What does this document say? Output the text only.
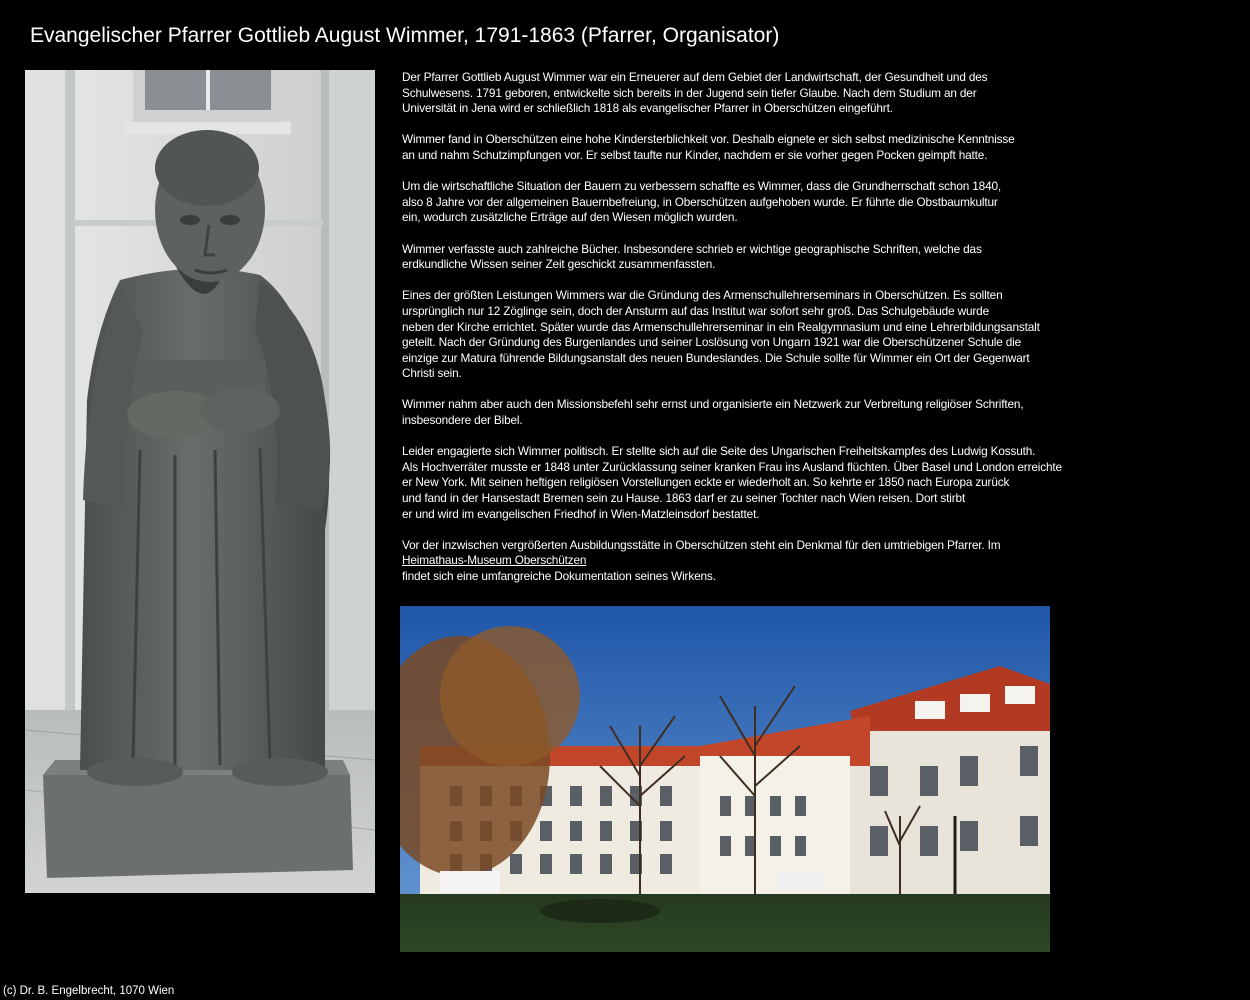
Evangelischer Pfarrer Gottlieb August Wimmer, 1791-1863 (Pfarrer, Organisator)

Der Pfarrer Gottlieb August Wimmer war ein Erneuerer auf dem Gebiet der Landwirtschaft, der Gesundheit und des
Schulwesens. 1791 geboren, entwickelte sich bereits in der Jugend sein tiefer Glaube. Nach dem Studium an der
Universität in Jena wird er schließlich 1818 als evangelischer Pfarrer in Oberschützen eingeführt.

Wimmer fand in Oberschützen eine hohe Kindersterblichkeit vor. Deshalb eignete er sich selbst medizinische Kenntnisse
an und nahm Schutzimpfungen vor. Er selbst taufte nur Kinder, nachdem er sie vorher gegen Pocken geimpft hatte.

Um die wirtschaftliche Situation der Bauern zu verbessern schaffte es Wimmer, dass die Grundherrschaft schon 1840,
also 8 Jahre vor der allgemeinen Bauernbefreiung, in Oberschützen aufgehoben wurde. Er führte die Obstbaumkultur
ein, wodurch zusätzliche Erträge auf den Wiesen möglich wurden.

Wimmer verfasste auch zahlreiche Bücher. Insbesondere schrieb er wichtige geographische Schriften, welche das
erdkundliche Wissen seiner Zeit geschickt zusammenfassten.

Eines der größten Leistungen Wimmers war die Gründung des Armenschullehrerseminars in Oberschützen. Es sollten
ursprünglich nur 12 Zöglinge sein, doch der Ansturm auf das Institut war sofort sehr groß. Das Schulgebäude wurde
neben der Kirche errichtet. Später wurde das Armenschullehrerseminar in ein Realgymnasium und eine Lehrerbildungsanstalt
geteilt. Nach der Gründung des Burgenlandes und seiner Loslösung von Ungarn 1921 war die Oberschützener Schule die
einzige zur Matura führende Bildungsanstalt des neuen Bundeslandes. Die Schule sollte für Wimmer ein Ort der Gegenwart
Christi sein.

Wimmer nahm aber auch den Missionsbefehl sehr ernst und organisierte ein Netzwerk zur Verbreitung religiöser Schriften,
insbesondere der Bibel.

Leider engagierte sich Wimmer politisch. Er stellte sich auf die Seite des Ungarischen Freiheitskampfes des Ludwig Kossuth.
Als Hochverräter musste er 1848 unter Zurücklassung seiner kranken Frau ins Ausland flüchten. Über Basel und London erreichte
er New York. Mit seinen heftigen religiösen Vorstellungen eckte er wiederholt an. So kehrte er 1850 nach Europa zurück
und fand in der Hansestadt Bremen sein zu Hause. 1863 darf er zu seiner Tochter nach Wien reisen. Dort stirbt
er und wird im evangelischen Friedhof in Wien-Matzleinsdorf bestattet.

Vor der inzwischen vergrößerten Ausbildungsstätte in Oberschützen steht ein Denkmal für den umtriebigen Pfarrer. Im
Heimathaus-Museum Oberschützen
findet sich eine umfangreiche Dokumentation seines Wirkens.

(c) Dr. B. Engelbrecht, 1070 Wien
